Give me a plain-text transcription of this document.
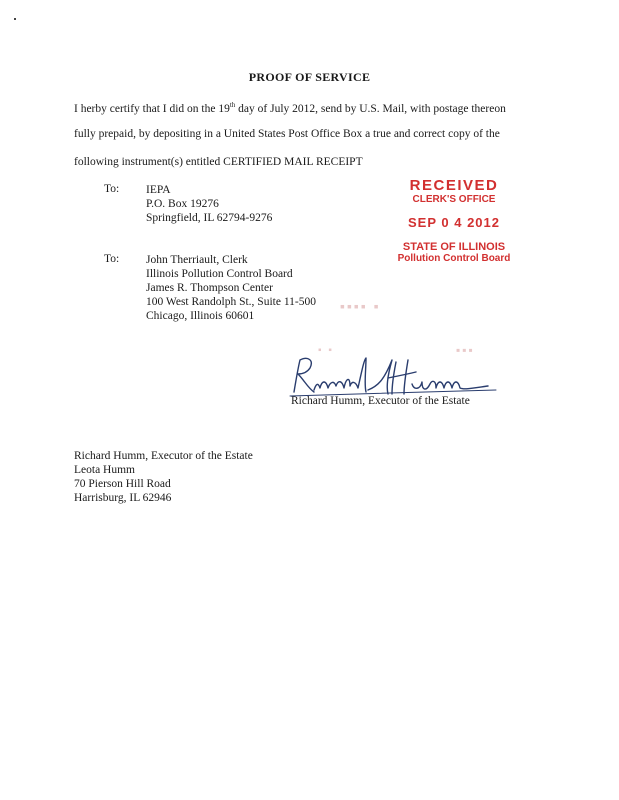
PROOF OF SERVICE
I herby certify that I did on the 19th day of July 2012, send by U.S. Mail, with postage thereon
fully prepaid, by depositing in a United States Post Office Box a true and correct copy of the
following instrument(s) entitled CERTIFIED MAIL RECEIPT
To: IEPA
P.O. Box 19276
Springfield, IL 62794-9276
To: John Therriault, Clerk
Illinois Pollution Control Board
James R. Thompson Center
100 West Randolph St., Suite 11-500
Chicago, Illinois 60601
RECEIVED
CLERK'S OFFICE
SEP 0 4 2012
STATE OF ILLINOIS
Pollution Control Board
▪▪▪▪ ▪
▪▪▪
▪ ▪
Richard Humm, Executor of the Estate
Richard Humm, Executor of the Estate
Leota Humm
70 Pierson Hill Road
Harrisburg, IL 62946
